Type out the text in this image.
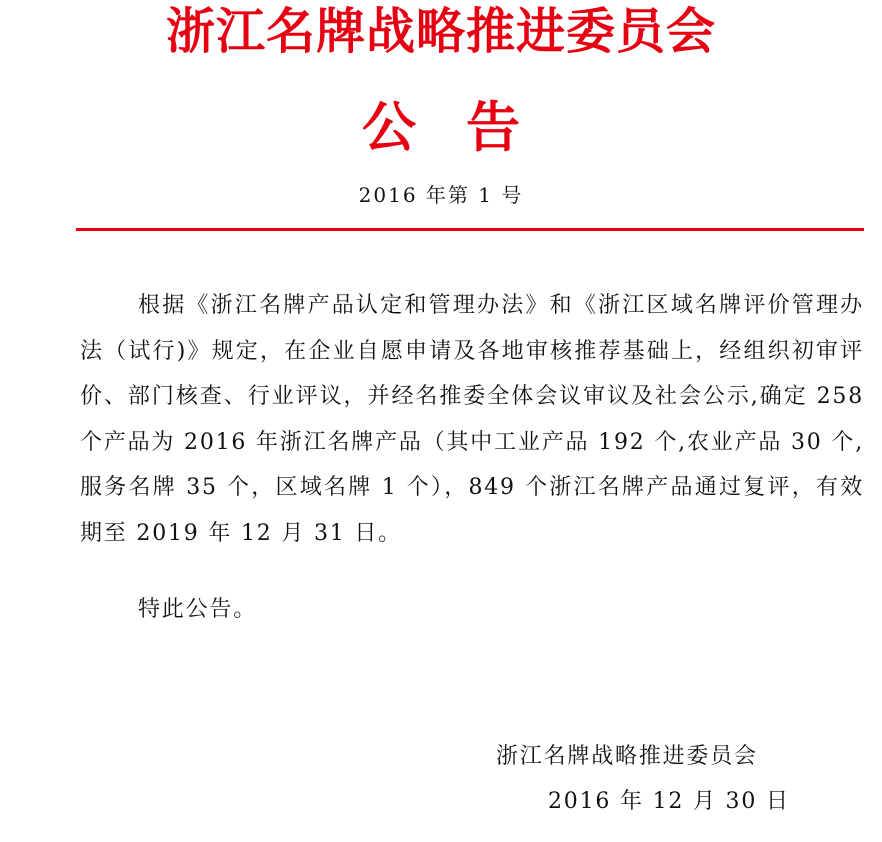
浙江名牌战略推进委员会
公告
2016 年第 1 号

根据《浙江名牌产品认定和管理办法》和《浙江区域名牌评价管理办法（试行)》规定，在企业自愿申请及各地审核推荐基础上，经组织初审评价、部门核查、行业评议，并经名推委全体会议审议及社会公示,确定 258 个产品为 2016 年浙江名牌产品（其中工业产品 192 个,农业产品 30 个,服务名牌 35 个，区域名牌 1 个），849 个浙江名牌产品通过复评，有效期至 2019 年 12 月 31 日。

特此公告。
浙江名牌战略推进委员会
2016 年 12 月 30 日
